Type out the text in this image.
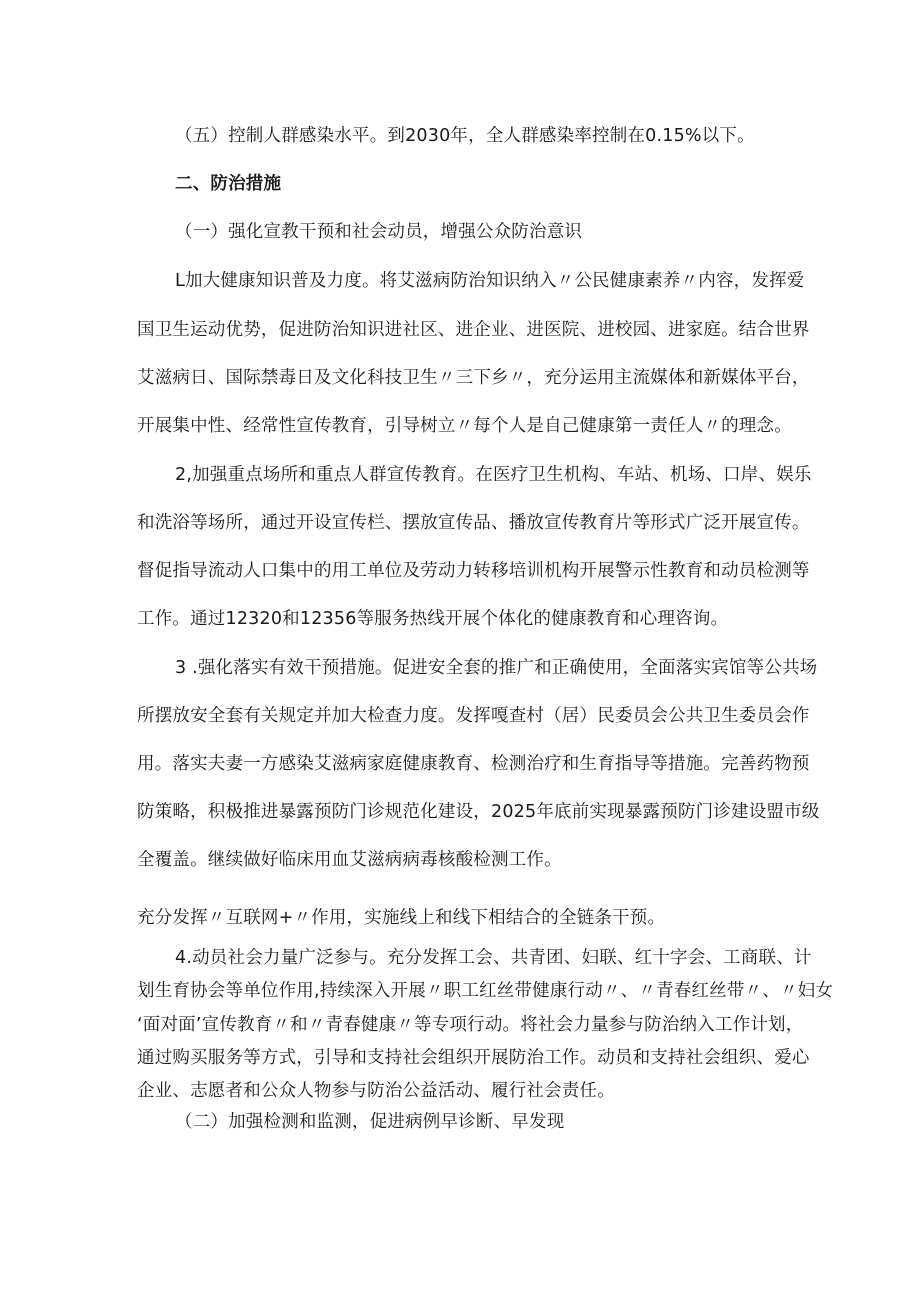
（五）控制人群感染水平。到2030年，全人群感染率控制在0.15%以下。
二、防治措施
（一）强化宣教干预和社会动员，增强公众防治意识
L加大健康知识普及力度。将艾滋病防治知识纳入〃公民健康素养〃内容，发挥爱
国卫生运动优势，促进防治知识进社区、进企业、进医院、进校园、进家庭。结合世界
艾滋病日、国际禁毒日及文化科技卫生〃三下乡〃，充分运用主流媒体和新媒体平台，
开展集中性、经常性宣传教育，引导树立〃每个人是自己健康第一责任人〃的理念。
2,加强重点场所和重点人群宣传教育。在医疗卫生机构、车站、机场、口岸、娱乐
和洗浴等场所，通过开设宣传栏、摆放宣传品、播放宣传教育片等形式广泛开展宣传。
督促指导流动人口集中的用工单位及劳动力转移培训机构开展警示性教育和动员检测等
工作。通过12320和12356等服务热线开展个体化的健康教育和心理咨询。
3 .强化落实有效干预措施。促进安全套的推广和正确使用，全面落实宾馆等公共场
所摆放安全套有关规定并加大检查力度。发挥嘎查村（居）民委员会公共卫生委员会作
用。落实夫妻一方感染艾滋病家庭健康教育、检测治疗和生育指导等措施。完善药物预
防策略，积极推进暴露预防门诊规范化建设，2025年底前实现暴露预防门诊建设盟市级
全覆盖。继续做好临床用血艾滋病病毒核酸检测工作。
充分发挥〃互联网+〃作用，实施线上和线下相结合的全链条干预。
4.动员社会力量广泛参与。充分发挥工会、共青团、妇联、红十字会、工商联、计
划生育协会等单位作用,持续深入开展〃职工红丝带健康行动〃、〃青春红丝带〃、〃妇女
‘面对面’宣传教育〃和〃青春健康〃等专项行动。将社会力量参与防治纳入工作计划，
通过购买服务等方式，引导和支持社会组织开展防治工作。动员和支持社会组织、爱心
企业、志愿者和公众人物参与防治公益活动、履行社会责任。
（二）加强检测和监测，促进病例早诊断、早发现
